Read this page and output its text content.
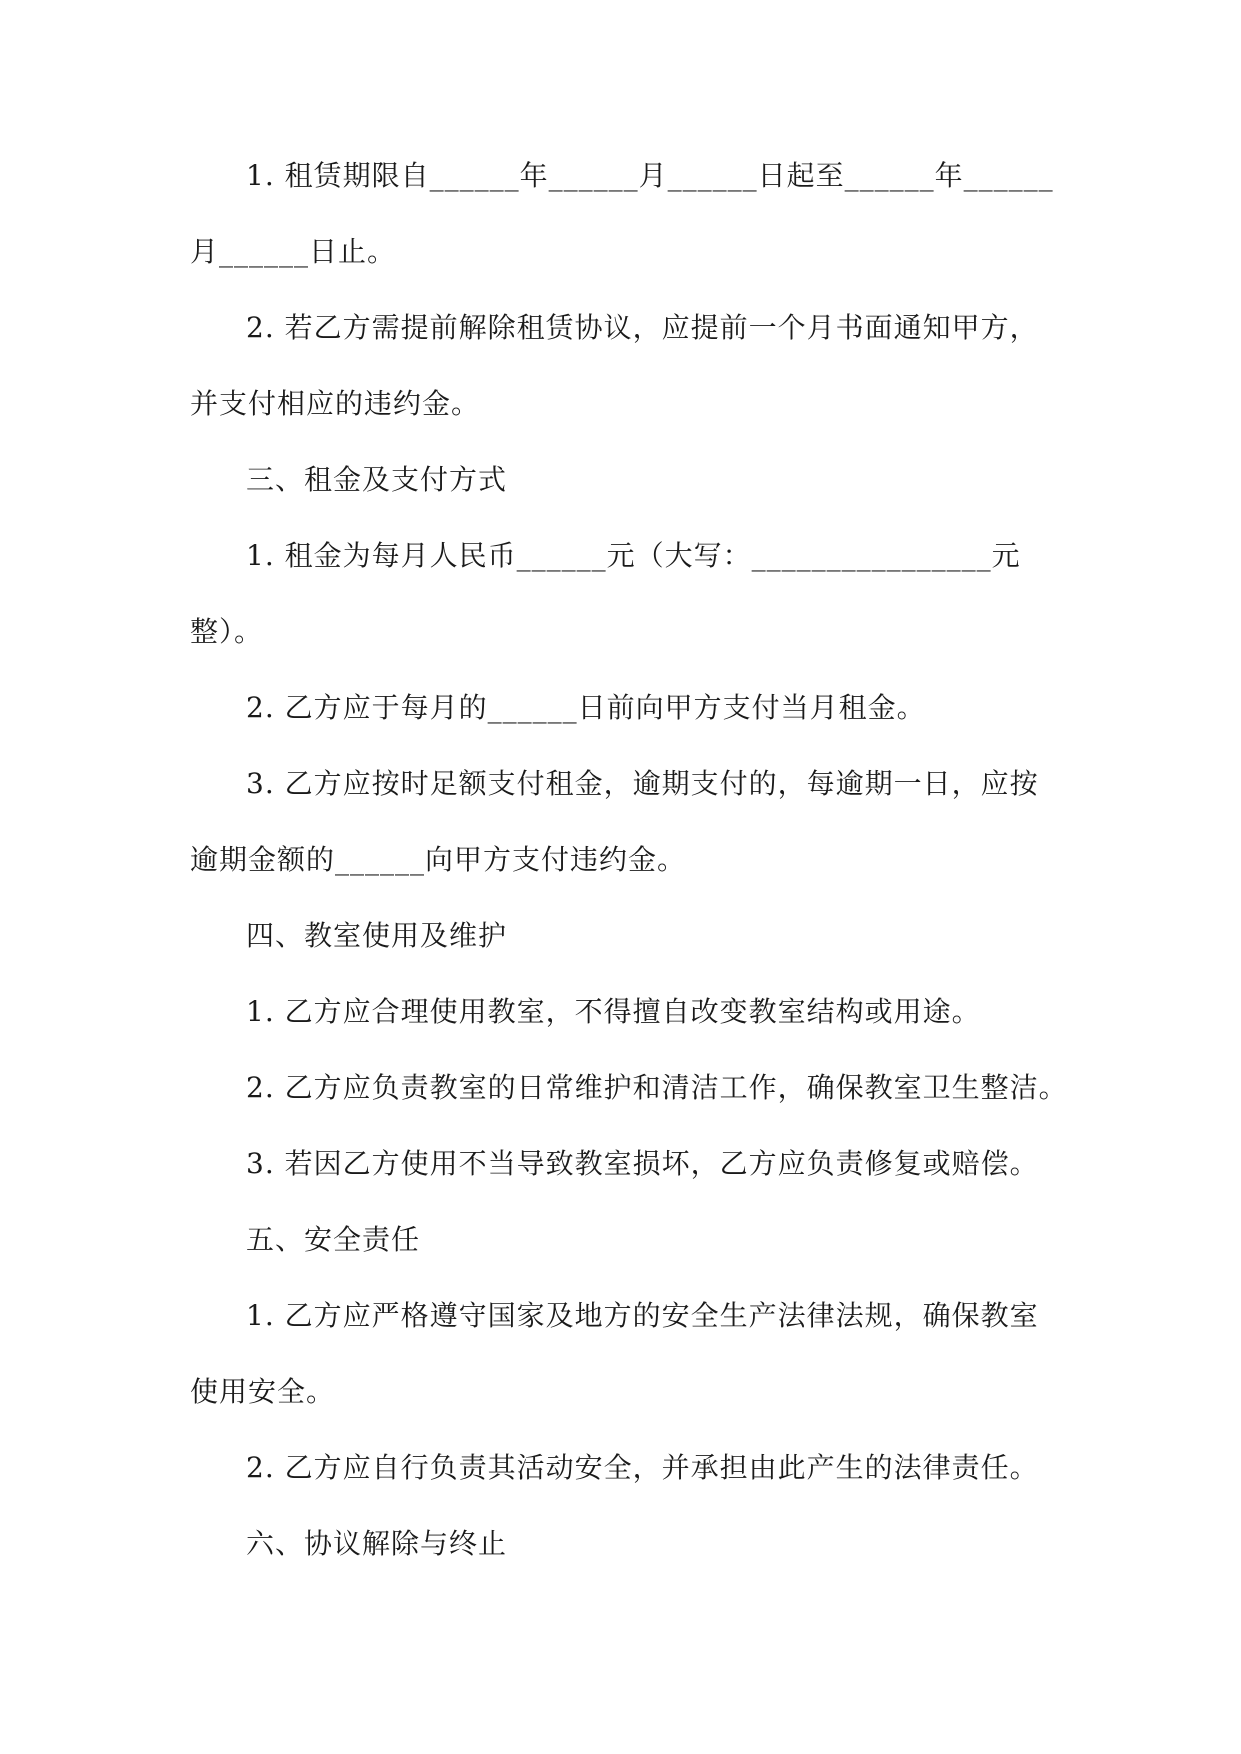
1. 租赁期限自______年______月______日起至______年______月______日止。

2. 若乙方需提前解除租赁协议，应提前一个月书面通知甲方，并支付相应的违约金。

三、租金及支付方式

1. 租金为每月人民币______元（大写：________________元整）。

2. 乙方应于每月的______日前向甲方支付当月租金。

3. 乙方应按时足额支付租金，逾期支付的，每逾期一日，应按逾期金额的______向甲方支付违约金。

四、教室使用及维护

1. 乙方应合理使用教室，不得擅自改变教室结构或用途。

2. 乙方应负责教室的日常维护和清洁工作，确保教室卫生整洁。

3. 若因乙方使用不当导致教室损坏，乙方应负责修复或赔偿。

五、安全责任

1. 乙方应严格遵守国家及地方的安全生产法律法规，确保教室使用安全。

2. 乙方应自行负责其活动安全，并承担由此产生的法律责任。

六、协议解除与终止
